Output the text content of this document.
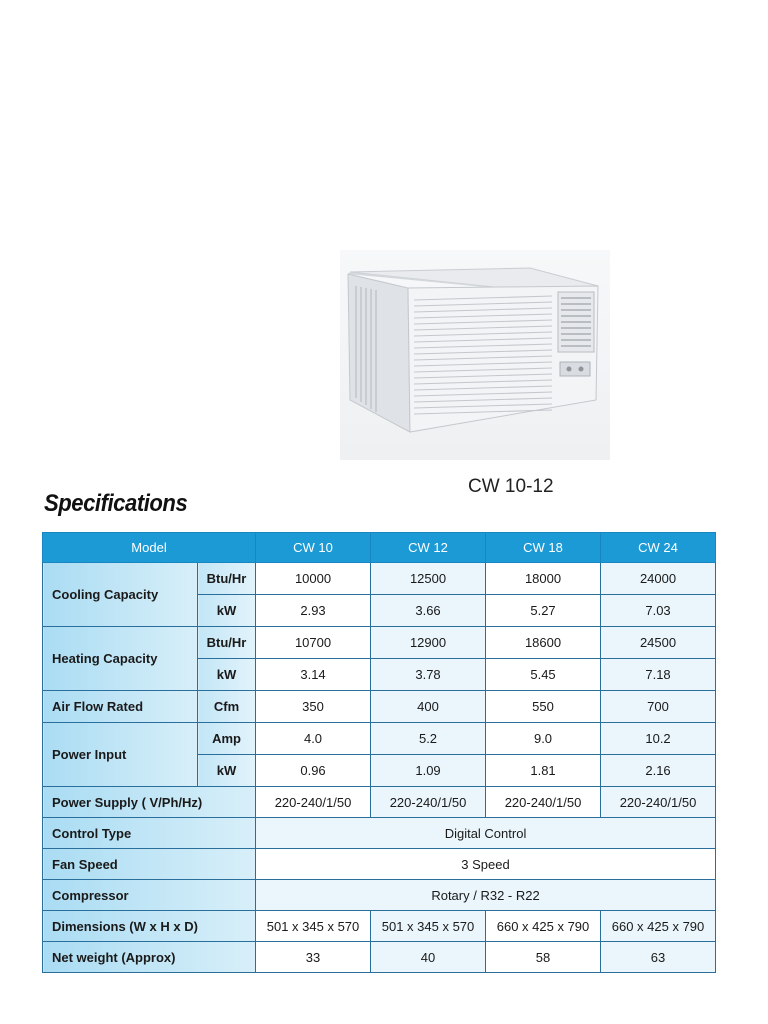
CW 10-12
Specifications
Model		CW 10	CW 12	CW 18	CW 24
Cooling Capacity	Btu/Hr	10000	12500	18000	24000
	kW	2.93	3.66	5.27	7.03
Heating Capacity	Btu/Hr	10700	12900	18600	24500
	kW	3.14	3.78	5.45	7.18
Air Flow Rated	Cfm	350	400	550	700
Power Input	Amp	4.0	5.2	9.0	10.2
	kW	0.96	1.09	1.81	2.16
Power Supply ( V/Ph/Hz)		220-240/1/50	220-240/1/50	220-240/1/50	220-240/1/50
Control Type		Digital Control			
Fan Speed		3 Speed			
Compressor		Rotary / R32 - R22			
Dimensions (W x H x D)		501 x 345 x 570	501 x 345 x 570	660 x 425 x 790	660 x 425 x 790
Net weight (Approx)		33	40	58	63
